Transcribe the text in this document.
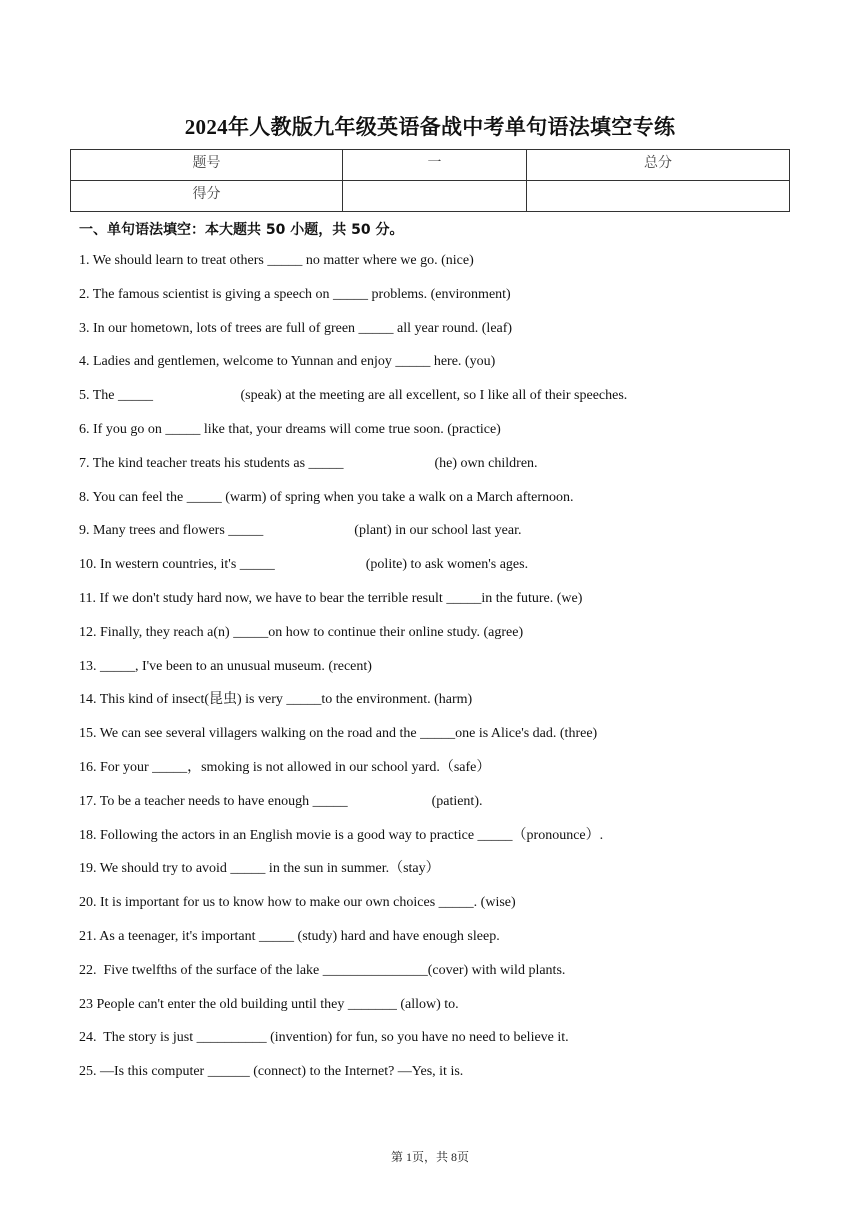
2024年人教版九年级英语备战中考单句语法填空专练
题号	一	总分
得分		
一、单句语法填空：本大题共 50 小题，共 50 分。
1. We should learn to treat others _____ no matter where we go. (nice)
2. The famous scientist is giving a speech on _____ problems. (environment)
3. In our hometown, lots of trees are full of green _____ all year round. (leaf)
4. Ladies and gentlemen, welcome to Yunnan and enjoy _____ here. (you)
5. The _____                         (speak) at the meeting are all excellent, so I like all of their speeches.
6. If you go on _____ like that, your dreams will come true soon. (practice)
7. The kind teacher treats his students as _____                          (he) own children.
8. You can feel the _____ (warm) of spring when you take a walk on a March afternoon.
9. Many trees and flowers _____                          (plant) in our school last year.
10. In western countries, it's _____                          (polite) to ask women's ages.
11. If we don't study hard now, we have to bear the terrible result _____in the future. (we)
12. Finally, they reach a(n) _____on how to continue their online study. (agree)
13. _____, I've been to an unusual museum. (recent)
14. This kind of insect(昆虫) is very _____to the environment. (harm)
15. We can see several villagers walking on the road and the _____one is Alice's dad. (three)
16. For your _____，smoking is not allowed in our school yard.（safe）
17. To be a teacher needs to have enough _____                        (patient).
18. Following the actors in an English movie is a good way to practice _____（pronounce）.
19. We should try to avoid _____ in the sun in summer.（stay）
20. It is important for us to know how to make our own choices _____. (wise)
21. As a teenager, it's important _____ (study) hard and have enough sleep.
22.  Five twelfths of the surface of the lake _______________(cover) with wild plants.
23 People can't enter the old building until they _______ (allow) to.
24.  The story is just __________ (invention) for fun, so you have no need to believe it.
25. —Is this computer ______ (connect) to the Internet? —Yes, it is.
第 1页，共 8页
